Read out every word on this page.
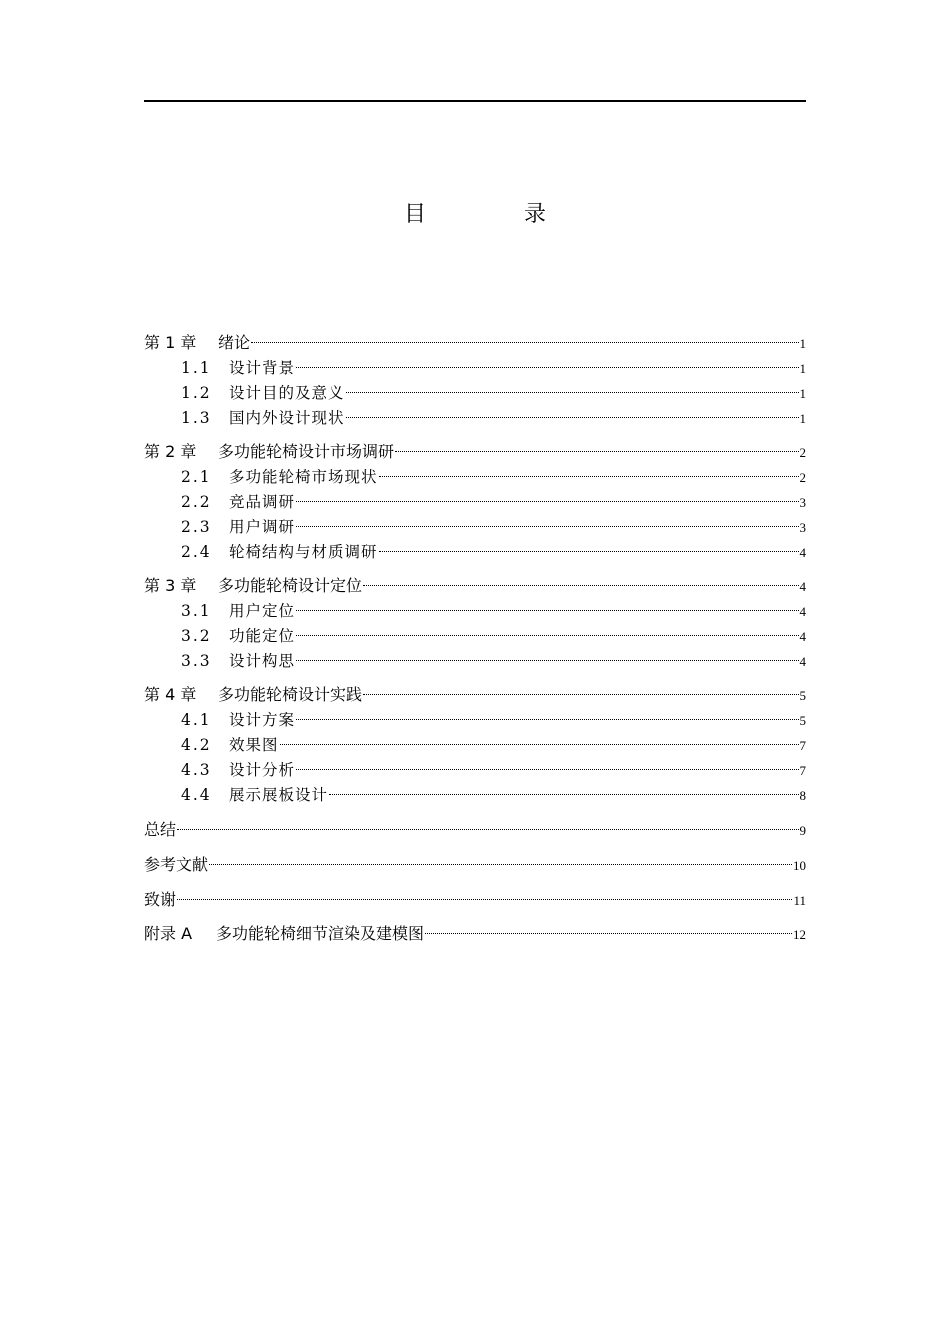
目　录
第 1 章	绪论	1
1.1	设计背景	1
1.2	设计目的及意义	1
1.3	国内外设计现状	1
第 2 章	多功能轮椅设计市场调研	2
2.1	多功能轮椅市场现状	2
2.2	竞品调研	3
2.3	用户调研	3
2.4	轮椅结构与材质调研	4
第 3 章	多功能轮椅设计定位	4
3.1	用户定位	4
3.2	功能定位	4
3.3	设计构思	4
第 4 章	多功能轮椅设计实践	5
4.1	设计方案	5
4.2	效果图	7
4.3	设计分析	7
4.4	展示展板设计	8
总结	9
参考文献	10
致谢	11
附录 A	多功能轮椅细节渲染及建模图	12
